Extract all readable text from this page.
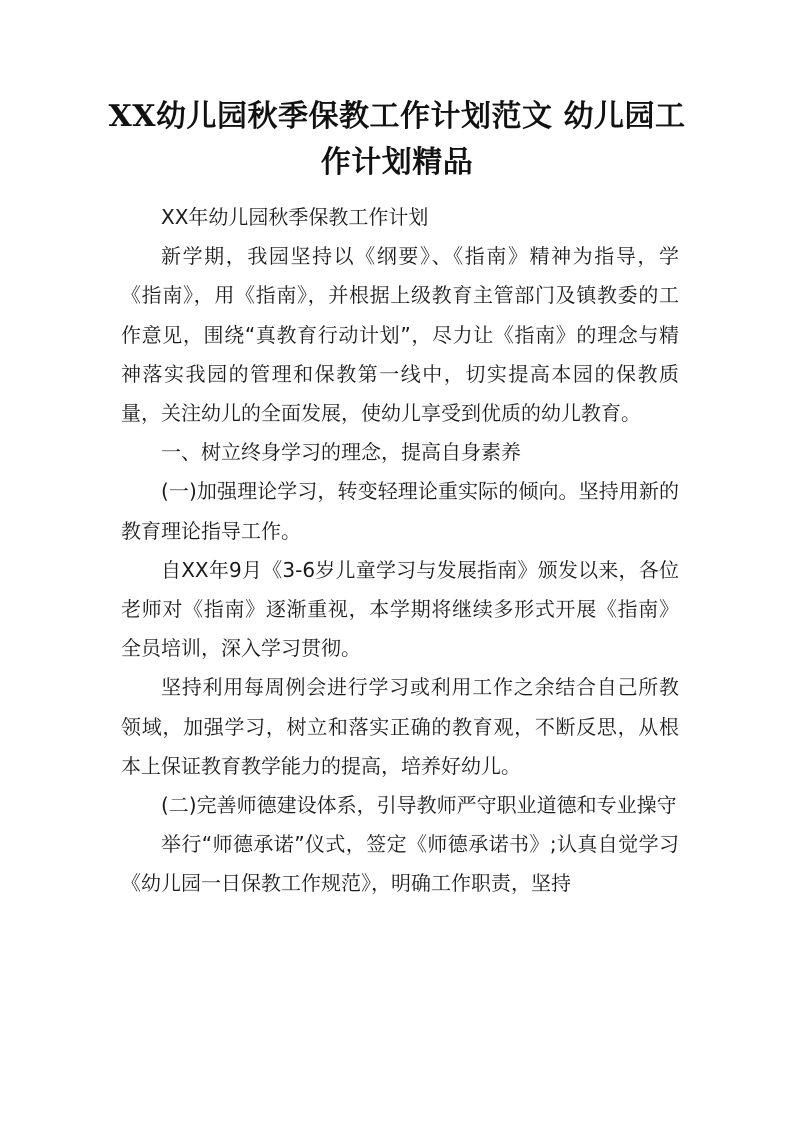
XX幼儿园秋季保教工作计划范文 幼儿园工作计划精品

XX年幼儿园秋季保教工作计划

新学期，我园坚持以《纲要》、《指南》精神为指导，学《指南》，用《指南》，并根据上级教育主管部门及镇教委的工作意见，围绕“真教育行动计划”，尽力让《指南》的理念与精神落实我园的管理和保教第一线中，切实提高本园的保教质量，关注幼儿的全面发展，使幼儿享受到优质的幼儿教育。

一、树立终身学习的理念，提高自身素养

(一)加强理论学习，转变轻理论重实际的倾向。坚持用新的教育理论指导工作。

自XX年9月《3-6岁儿童学习与发展指南》颁发以来，各位老师对《指南》逐渐重视，本学期将继续多形式开展《指南》全员培训，深入学习贯彻。

坚持利用每周例会进行学习或利用工作之余结合自己所教领域，加强学习，树立和落实正确的教育观，不断反思，从根本上保证教育教学能力的提高，培养好幼儿。

(二)完善师德建设体系，引导教师严守职业道德和专业操守

举行“师德承诺”仪式，签定《师德承诺书》;认真自觉学习《幼儿园一日保教工作规范》，明确工作职责，坚持
